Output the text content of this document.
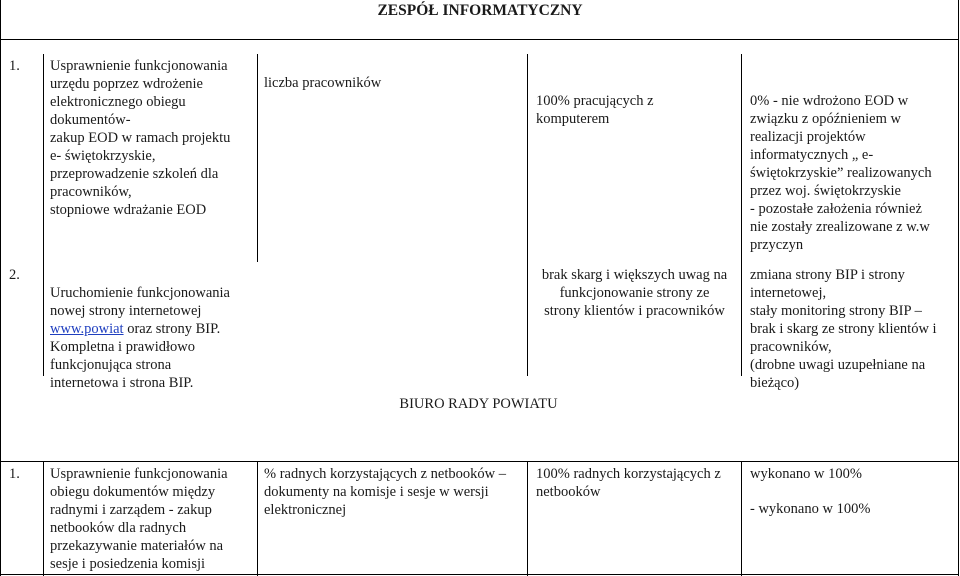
ZESPÓŁ INFORMATYCZNY
1. Usprawnienie funkcjonowania
urzędu poprzez wdrożenie
elektronicznego obiegu
dokumentów-
zakup EOD w ramach projektu
e- świętokrzyskie,
przeprowadzenie szkoleń dla
pracowników,
stopniowe wdrażanie EOD
liczba pracowników
100% pracujących z
komputerem
0% - nie wdrożono EOD w
związku z opóźnieniem w
realizacji projektów
informatycznych „ e-
świętokrzyskie” realizowanych
przez woj. świętokrzyskie
- pozostałe założenia również
nie zostały zrealizowane z w.w
przyczyn
2.

Uruchomienie funkcjonowania
nowej strony internetowej
www.powiat oraz strony BIP.
Kompletna i prawidłowo
funkcjonująca strona
internetowa i strona BIP.

brak skarg i większych uwag na
funkcjonowanie strony ze
strony klientów i pracowników
zmiana strony BIP i strony
internetowej,
stały monitoring strony BIP –
brak i skarg ze strony klientów i
pracowników,
(drobne uwagi uzupełniane na
bieżąco)
BIURO RADY POWIATU
1. Usprawnienie funkcjonowania
obiegu dokumentów między
radnymi i zarządem - zakup
netbooków dla radnych
przekazywanie materiałów na
sesje i posiedzenia komisji
% radnych korzystających z netbooków –
dokumenty na komisje i sesje w wersji
elektronicznej
100% radnych korzystających z
netbooków
wykonano w 100%
- wykonano w 100%
